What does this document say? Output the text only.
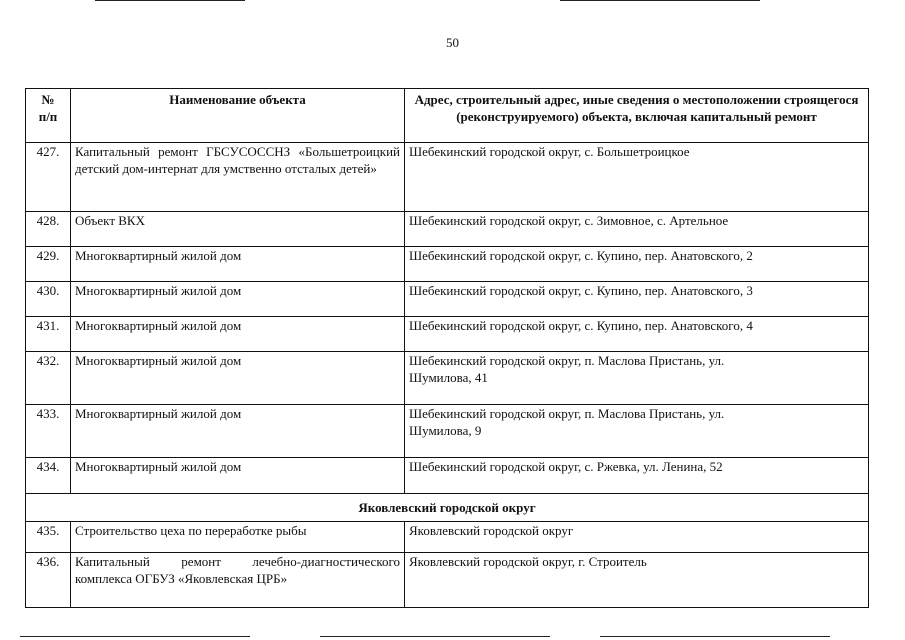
50
№ п/п	Наименование объекта	Адрес, строительный адрес, иные сведения о местоположении строящегося (реконструируемого) объекта, включая капитальный ремонт
427.	Капитальный ремонт ГБСУСОССНЗ «Большетроицкий детский дом-интернат для умственно отсталых детей»	Шебекинский городской округ, с. Большетроицкое
428.	Объект ВКХ	Шебекинский городской округ, с. Зимовное, с. Артельное
429.	Многоквартирный жилой дом	Шебекинский городской округ, с. Купино, пер. Анатовского, 2
430.	Многоквартирный жилой дом	Шебекинский городской округ, с. Купино, пер. Анатовского, 3
431.	Многоквартирный жилой дом	Шебекинский городской округ, с. Купино, пер. Анатовского, 4
432.	Многоквартирный жилой дом	Шебекинский городской округ, п. Маслова Пристань, ул. Шумилова, 41
433.	Многоквартирный жилой дом	Шебекинский городской округ, п. Маслова Пристань, ул. Шумилова, 9
434.	Многоквартирный жилой дом	Шебекинский городской округ, с. Ржевка, ул. Ленина, 52
Яковлевский городской округ		
435.	Строительство цеха по переработке рыбы	Яковлевский городской округ
436.	Капитальный ремонт лечебно-диагностического комплекса ОГБУЗ «Яковлевская ЦРБ»	Яковлевский городской округ, г. Строитель
